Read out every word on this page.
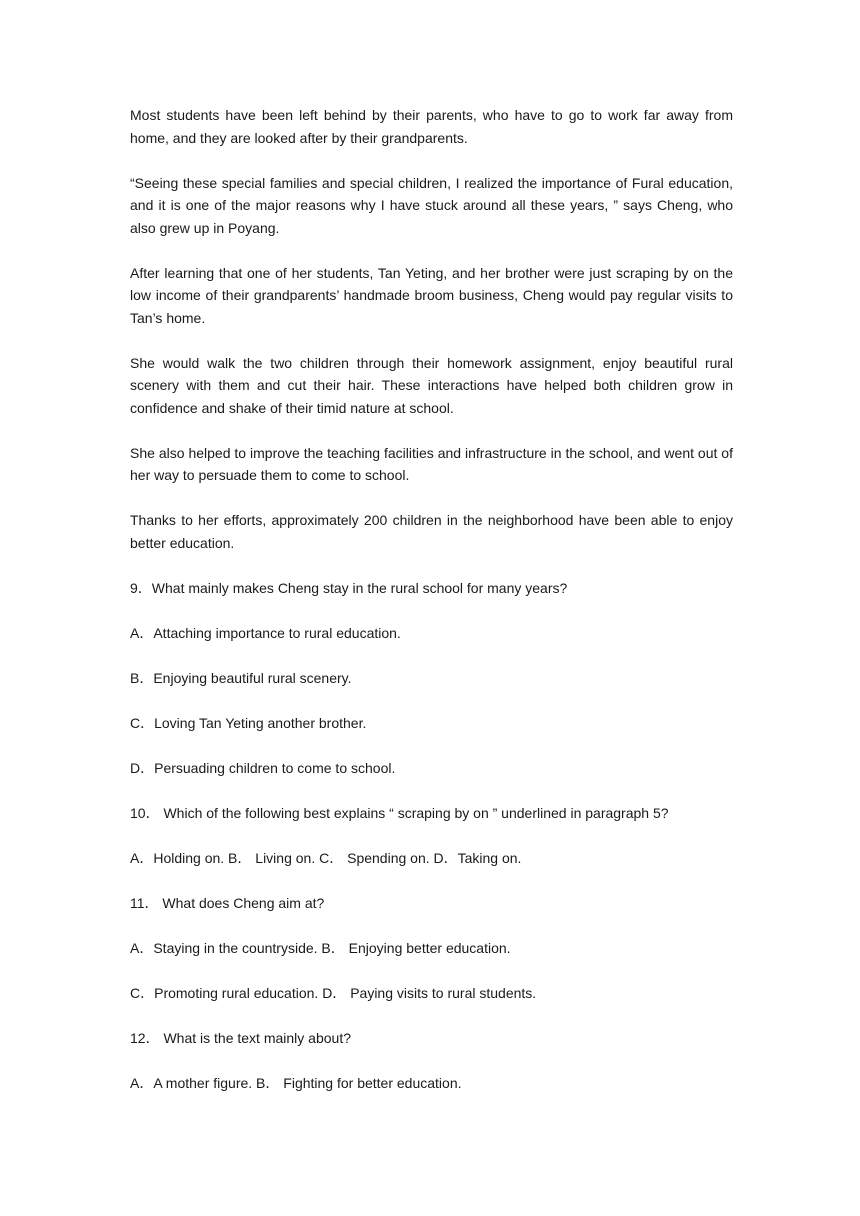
Most students have been left behind by their parents, who have to go to work far away from home, and they are looked after by their grandparents.

“Seeing these special families and special children, I realized the importance of Fural education, and it is one of the major reasons why I have stuck around all these years, ” says Cheng, who also grew up in Poyang.

After learning that one of her students, Tan Yeting, and her brother were just scraping by on the low income of their grandparents’ handmade broom business, Cheng would pay regular visits to Tan’s home.

She would walk the two children through their homework assignment, enjoy beautiful rural scenery with them and cut their hair. These interactions have helped both children grow in confidence and shake of their timid nature at school.

She also helped to improve the teaching facilities and infrastructure in the school, and went out of her way to persuade them to come to school.

Thanks to her efforts, approximately 200 children in the neighborhood have been able to enjoy better education.

9．What mainly makes Cheng stay in the rural school for many years?
A．Attaching importance to rural education.
B．Enjoying beautiful rural scenery.
C．Loving Tan Yeting another brother.
D．Persuading children to come to school.
10． Which of the following best explains “ scraping by on ” underlined in paragraph 5?
A．Holding on. B． Living on. C． Spending on. D．Taking on.
11． What does Cheng aim at?
A．Staying in the countryside. B． Enjoying better education.
C．Promoting rural education. D． Paying visits to rural students.
12． What is the text mainly about?
A．A mother figure. B． Fighting for better education.
